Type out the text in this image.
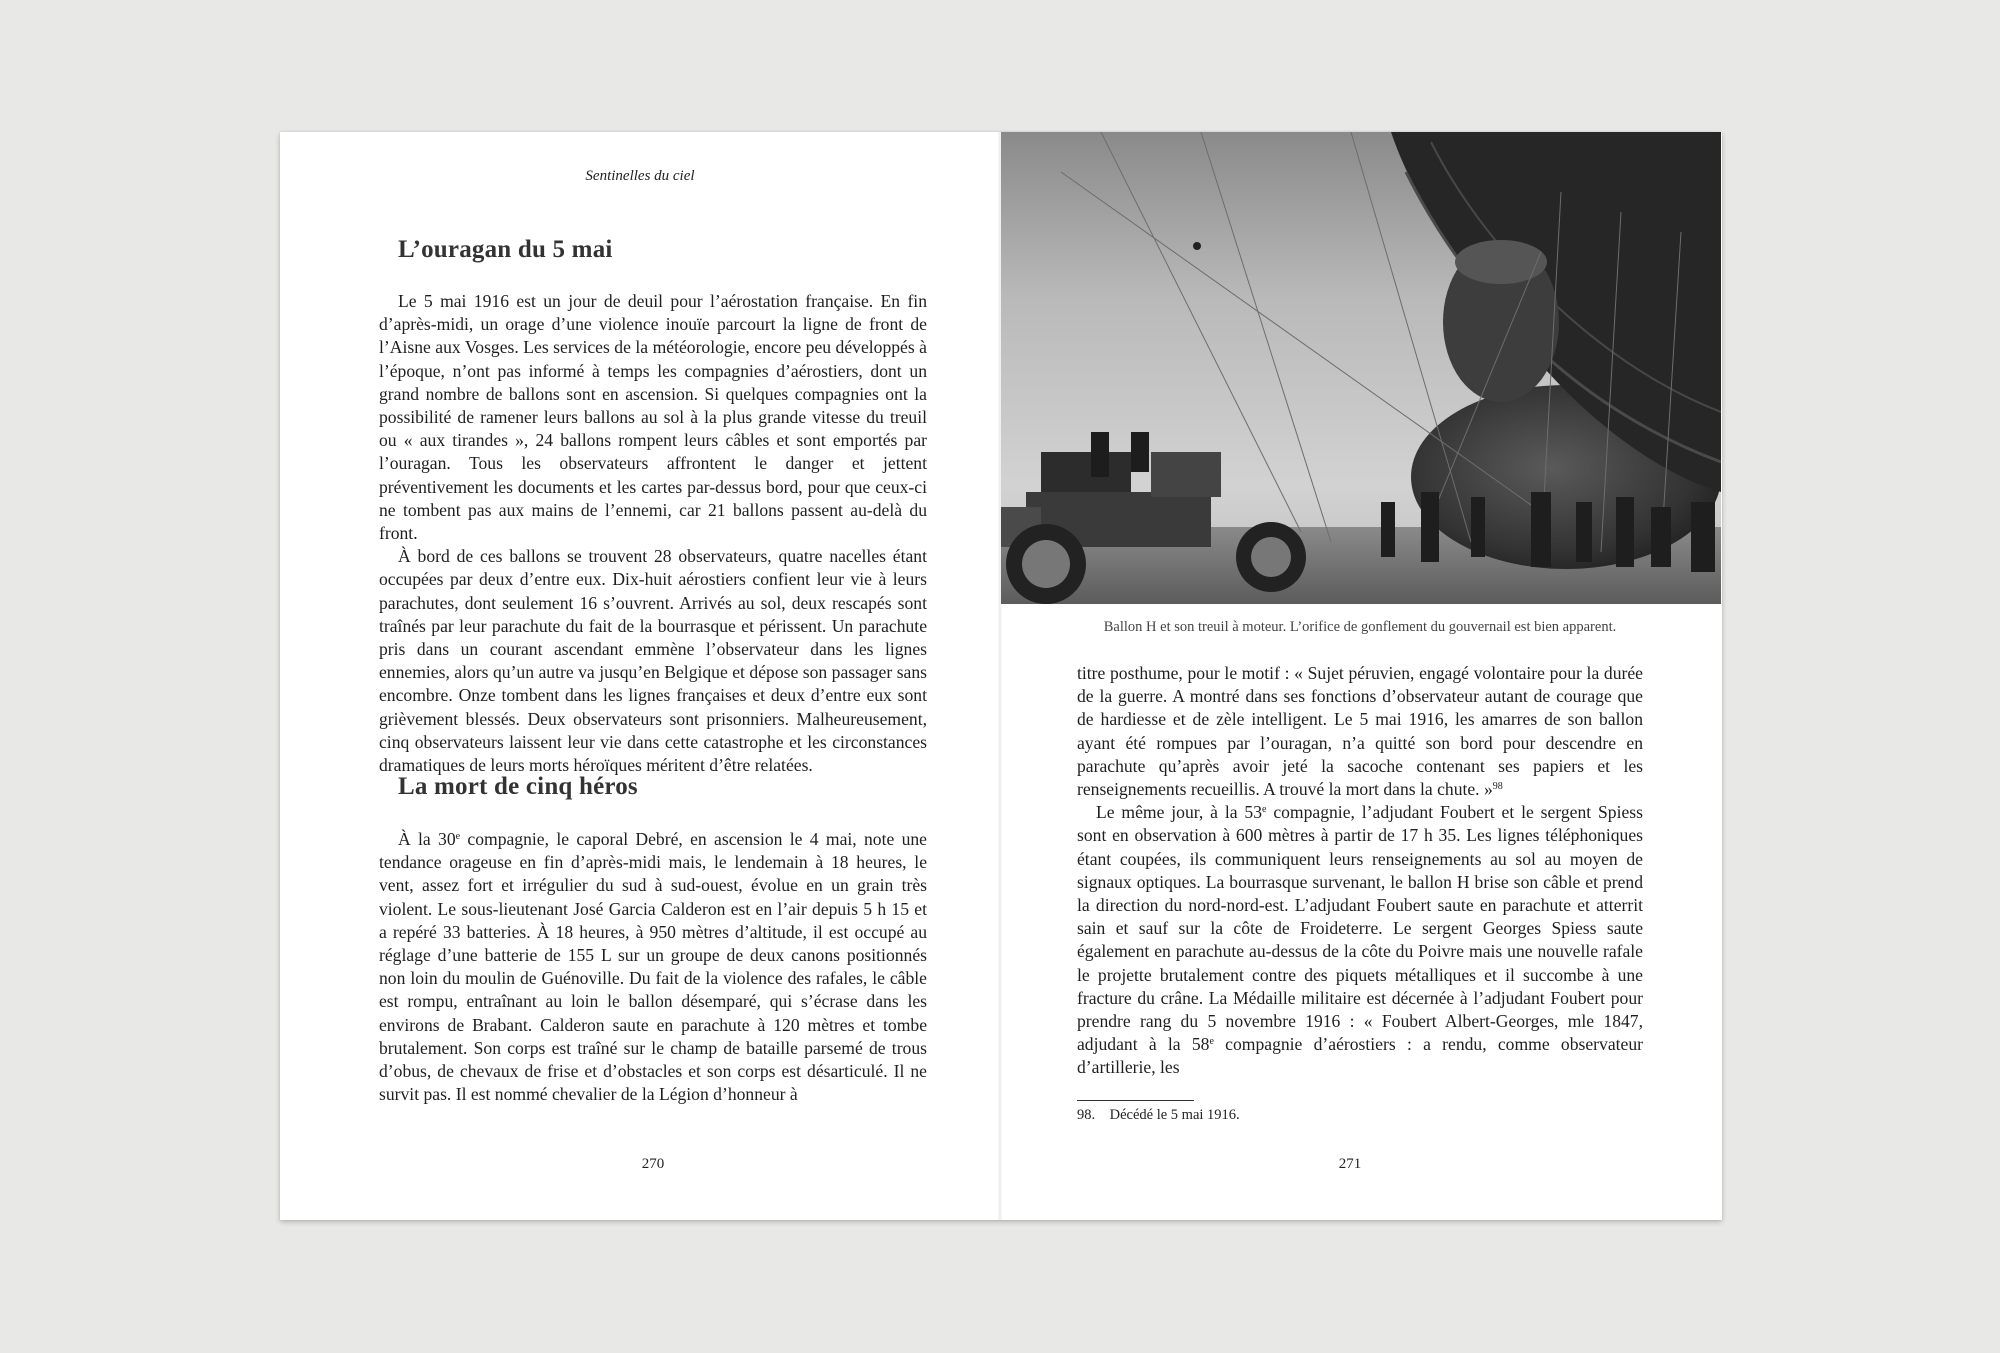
Sentinelles du ciel
L’ouragan du 5 mai

Le 5 mai 1916 est un jour de deuil pour l’aérostation française. En fin d’après-midi, un orage d’une violence inouïe parcourt la ligne de front de l’Aisne aux Vosges. Les services de la météorologie, encore peu développés à l’époque, n’ont pas informé à temps les compagnies d’aérostiers, dont un grand nombre de ballons sont en ascension. Si quelques compagnies ont la possibilité de ramener leurs ballons au sol à la plus grande vitesse du treuil ou « aux tirandes », 24 ballons rompent leurs câbles et sont emportés par l’ouragan. Tous les observateurs affrontent le danger et jettent préventivement les documents et les cartes par-dessus bord, pour que ceux-ci ne tombent pas aux mains de l’ennemi, car 21 ballons passent au-delà du front.

À bord de ces ballons se trouvent 28 observateurs, quatre nacelles étant occupées par deux d’entre eux. Dix-huit aérostiers confient leur vie à leurs parachutes, dont seulement 16 s’ouvrent. Arrivés au sol, deux rescapés sont traînés par leur parachute du fait de la bourrasque et périssent. Un parachute pris dans un courant ascendant emmène l’observateur dans les lignes ennemies, alors qu’un autre va jusqu’en Belgique et dépose son passager sans encombre. Onze tombent dans les lignes françaises et deux d’entre eux sont grièvement blessés. Deux observateurs sont prisonniers. Malheureusement, cinq observateurs laissent leur vie dans cette catastrophe et les circonstances dramatiques de leurs morts héroïques méritent d’être relatées.

La mort de cinq héros

À la 30e compagnie, le caporal Debré, en ascension le 4 mai, note une tendance orageuse en fin d’après-midi mais, le lendemain à 18 heures, le vent, assez fort et irrégulier du sud à sud-ouest, évolue en un grain très violent. Le sous-lieutenant José Garcia Calderon est en l’air depuis 5 h 15 et a repéré 33 batteries. À 18 heures, à 950 mètres d’altitude, il est occupé au réglage d’une batterie de 155 L sur un groupe de deux canons positionnés non loin du moulin de Guénoville. Du fait de la violence des rafales, le câble est rompu, entraînant au loin le ballon désemparé, qui s’écrase dans les environs de Brabant. Calderon saute en parachute à 120 mètres et tombe brutalement. Son corps est traîné sur le champ de bataille parsemé de trous d’obus, de chevaux de frise et d’obstacles et son corps est désarticulé. Il ne survit pas. Il est nommé chevalier de la Légion d’honneur à

270
Ballon H et son treuil à moteur. L’orifice de gonflement du gouvernail est bien apparent.

titre posthume, pour le motif : « Sujet péruvien, engagé volontaire pour la durée de la guerre. A montré dans ses fonctions d’observateur autant de courage que de hardiesse et de zèle intelligent. Le 5 mai 1916, les amarres de son ballon ayant été rompues par l’ouragan, n’a quitté son bord pour descendre en parachute qu’après avoir jeté la sacoche contenant ses papiers et les renseignements recueillis. A trouvé la mort dans la chute. »$^{98}$

Le même jour, à la 53e compagnie, l’adjudant Foubert et le sergent Spiess sont en observation à 600 mètres à partir de 17 h 35. Les lignes téléphoniques étant coupées, ils communiquent leurs renseignements au sol au moyen de signaux optiques. La bourrasque survenant, le ballon H brise son câble et prend la direction du nord-nord-est. L’adjudant Foubert saute en parachute et atterrit sain et sauf sur la côte de Froideterre. Le sergent Georges Spiess saute également en parachute au-dessus de la côte du Poivre mais une nouvelle rafale le projette brutalement contre des piquets métalliques et il succombe à une fracture du crâne. La Médaille militaire est décernée à l’adjudant Foubert pour prendre rang du 5 novembre 1916 : « Foubert Albert-Georges, mle 1847, adjudant à la 58e compagnie d’aérostiers : a rendu, comme observateur d’artillerie, les

98.    Décédé le 5 mai 1916.
271
